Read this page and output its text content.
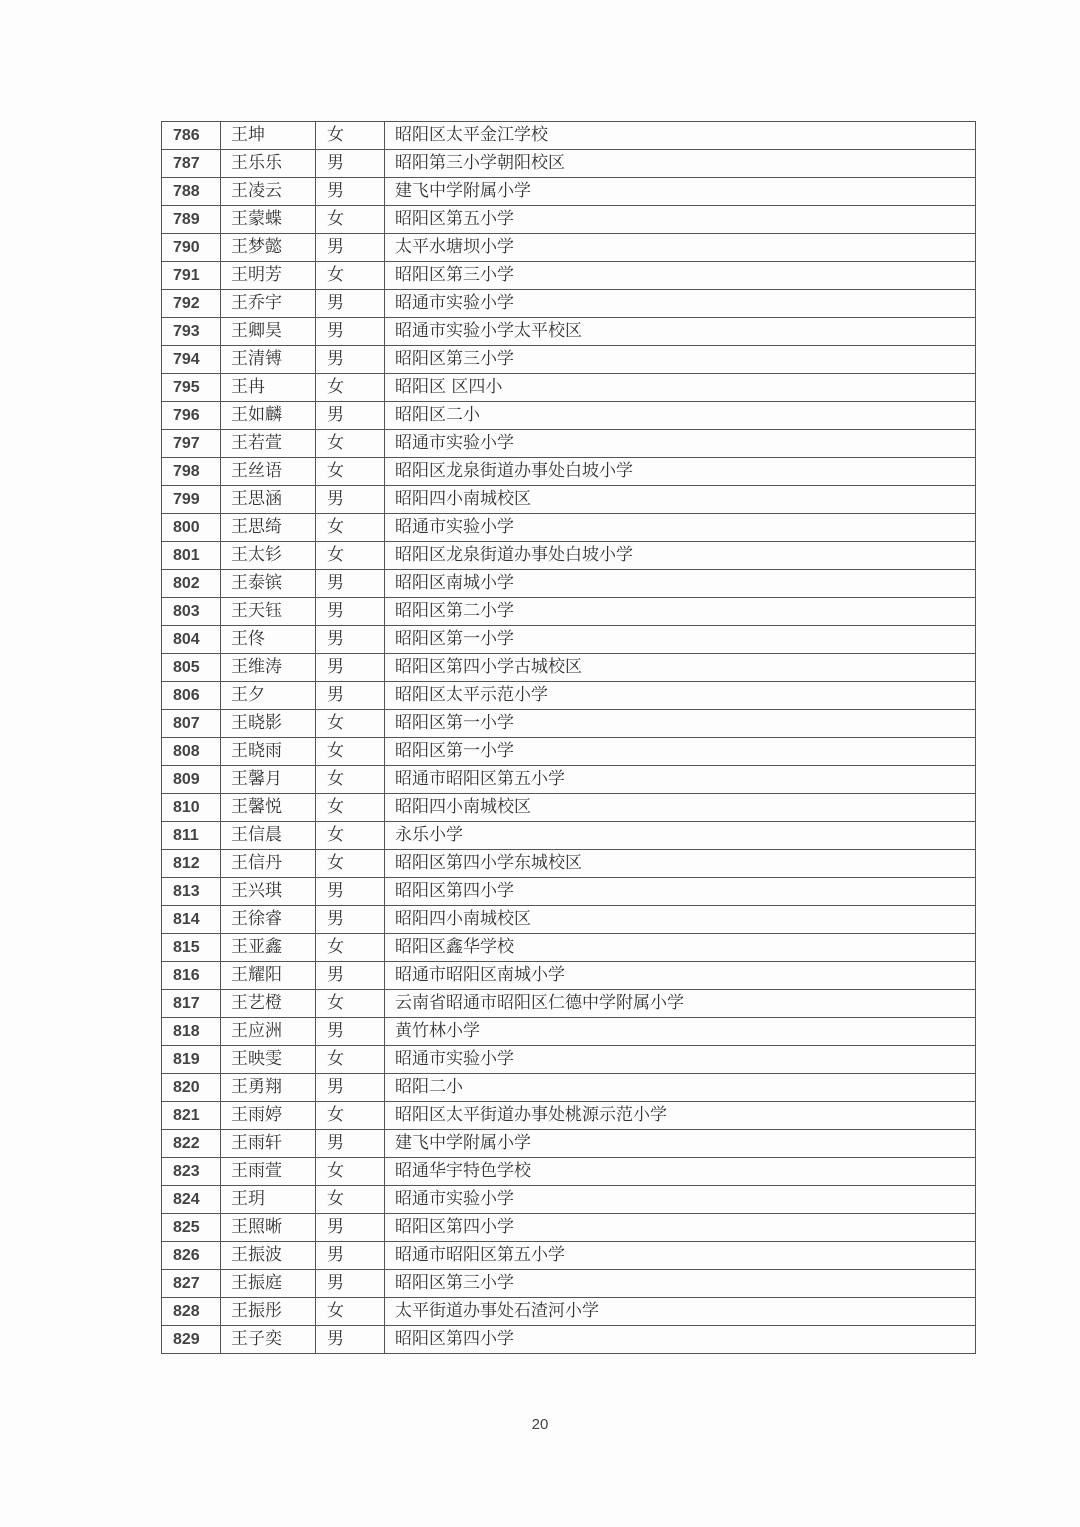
786	王坤	女	昭阳区太平金江学校
787	王乐乐	男	昭阳第三小学朝阳校区
788	王凌云	男	建飞中学附属小学
789	王蒙蝶	女	昭阳区第五小学
790	王梦懿	男	太平水塘坝小学
791	王明芳	女	昭阳区第三小学
792	王乔宇	男	昭通市实验小学
793	王卿昊	男	昭通市实验小学太平校区
794	王清镈	男	昭阳区第三小学
795	王冉	女	昭阳区 区四小
796	王如麟	男	昭阳区二小
797	王若萱	女	昭通市实验小学
798	王丝语	女	昭阳区龙泉街道办事处白坡小学
799	王思涵	男	昭阳四小南城校区
800	王思绮	女	昭通市实验小学
801	王太钐	女	昭阳区龙泉街道办事处白坡小学
802	王泰镔	男	昭阳区南城小学
803	王天钰	男	昭阳区第二小学
804	王佟	男	昭阳区第一小学
805	王维涛	男	昭阳区第四小学古城校区
806	王夕	男	昭阳区太平示范小学
807	王晓影	女	昭阳区第一小学
808	王晓雨	女	昭阳区第一小学
809	王馨月	女	昭通市昭阳区第五小学
810	王馨悦	女	昭阳四小南城校区
811	王信晨	女	永乐小学
812	王信丹	女	昭阳区第四小学东城校区
813	王兴琪	男	昭阳区第四小学
814	王徐睿	男	昭阳四小南城校区
815	王亚鑫	女	昭阳区鑫华学校
816	王耀阳	男	昭通市昭阳区南城小学
817	王艺橙	女	云南省昭通市昭阳区仁德中学附属小学
818	王应洲	男	黄竹林小学
819	王映雯	女	昭通市实验小学
820	王勇翔	男	昭阳二小
821	王雨婷	女	昭阳区太平街道办事处桃源示范小学
822	王雨轩	男	建飞中学附属小学
823	王雨萱	女	昭通华宇特色学校
824	王玥	女	昭通市实验小学
825	王照晰	男	昭阳区第四小学
826	王振波	男	昭通市昭阳区第五小学
827	王振庭	男	昭阳区第三小学
828	王振彤	女	太平街道办事处石渣河小学
829	王子奕	男	昭阳区第四小学
20
